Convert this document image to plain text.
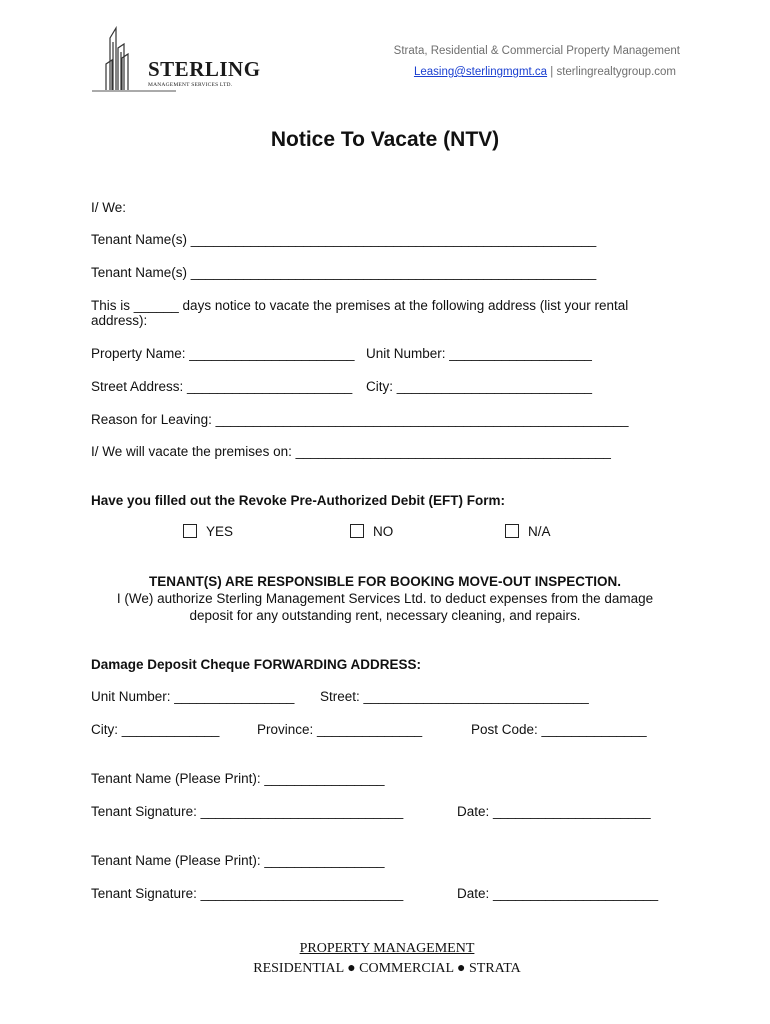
STERLING
MANAGEMENT SERVICES LTD.
Strata, Residential & Commercial Property Management
Leasing@sterlingmgmt.ca | sterlingrealtygroup.com
Notice To Vacate (NTV)
I/ We:
Tenant Name(s) ______________________________________________________
Tenant Name(s) ______________________________________________________
This is ______ days notice to vacate the premises at the following address (list your rental
address):
Property Name: ______________________ Unit Number: ___________________
Street Address: ______________________ City: __________________________
Reason for Leaving: _______________________________________________________
I/ We will vacate the premises on: __________________________________________
Have you filled out the Revoke Pre-Authorized Debit (EFT) Form:
YES	NO	N/A
TENANT(S) ARE RESPONSIBLE FOR BOOKING MOVE-OUT INSPECTION.
I (We) authorize Sterling Management Services Ltd. to deduct expenses from the damage
deposit for any outstanding rent, necessary cleaning, and repairs.
Damage Deposit Cheque FORWARDING ADDRESS:
Unit Number: ________________ Street: ______________________________
City: _____________	Province: ______________	Post Code: ______________
Tenant Name (Please Print): ________________
Tenant Signature: ___________________________	Date: _____________________
Tenant Name (Please Print): ________________
Tenant Signature: ___________________________	Date: ______________________
PROPERTY MANAGEMENT
RESIDENTIAL ● COMMERCIAL ● STRATA
